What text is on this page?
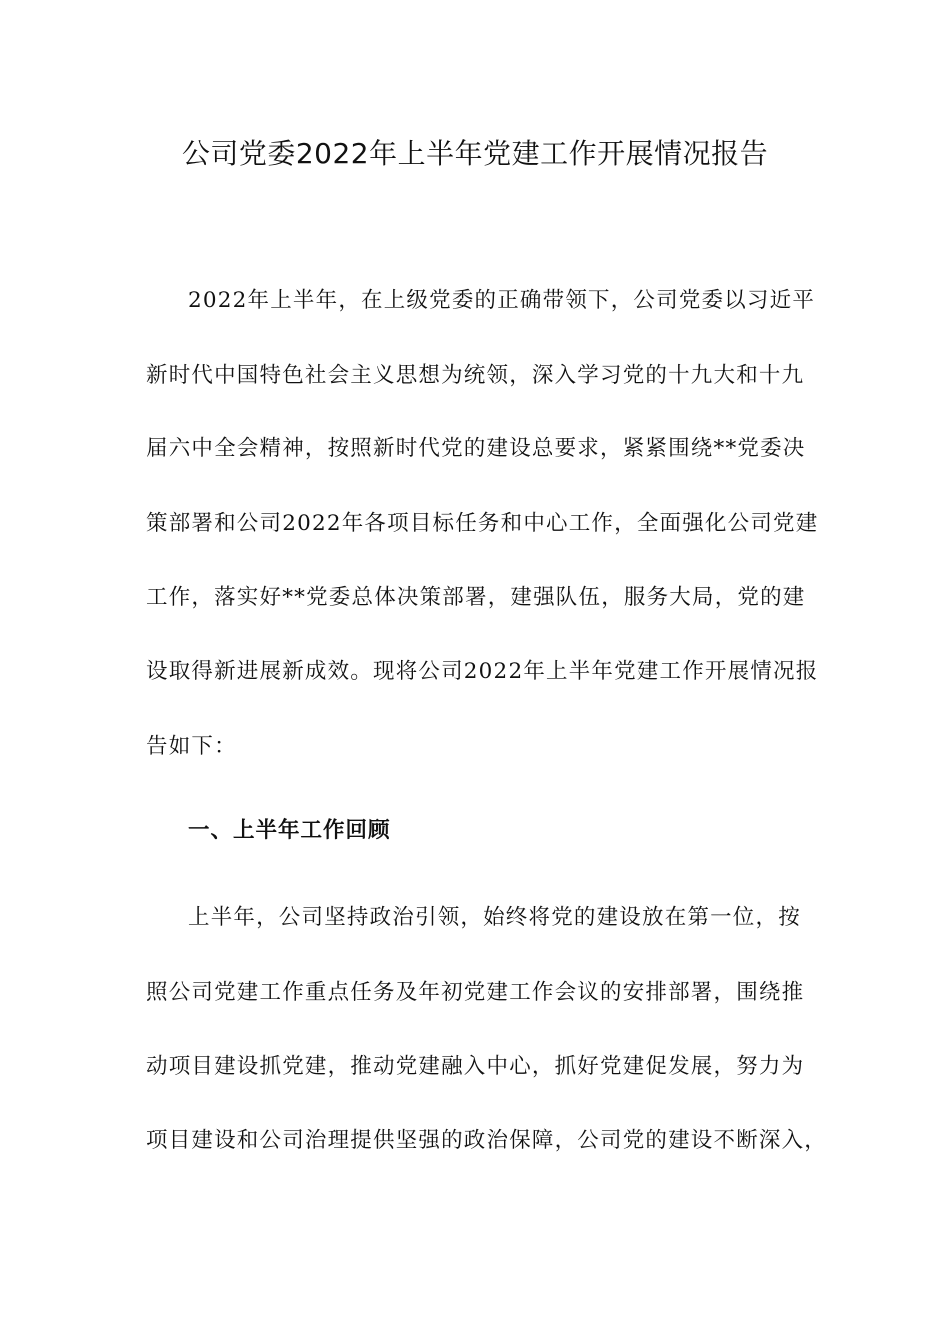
公司党委2022年上半年党建工作开展情况报告

2022年上半年，在上级党委的正确带领下，公司党委以习近平

新时代中国特色社会主义思想为统领，深入学习党的十九大和十九

届六中全会精神，按照新时代党的建设总要求，紧紧围绕**党委决

策部署和公司2022年各项目标任务和中心工作，全面强化公司党建

工作，落实好**党委总体决策部署，建强队伍，服务大局，党的建

设取得新进展新成效。现将公司2022年上半年党建工作开展情况报

告如下：

一、上半年工作回顾

上半年，公司坚持政治引领，始终将党的建设放在第一位，按

照公司党建工作重点任务及年初党建工作会议的安排部署，围绕推

动项目建设抓党建，推动党建融入中心，抓好党建促发展，努力为

项目建设和公司治理提供坚强的政治保障，公司党的建设不断深入，
